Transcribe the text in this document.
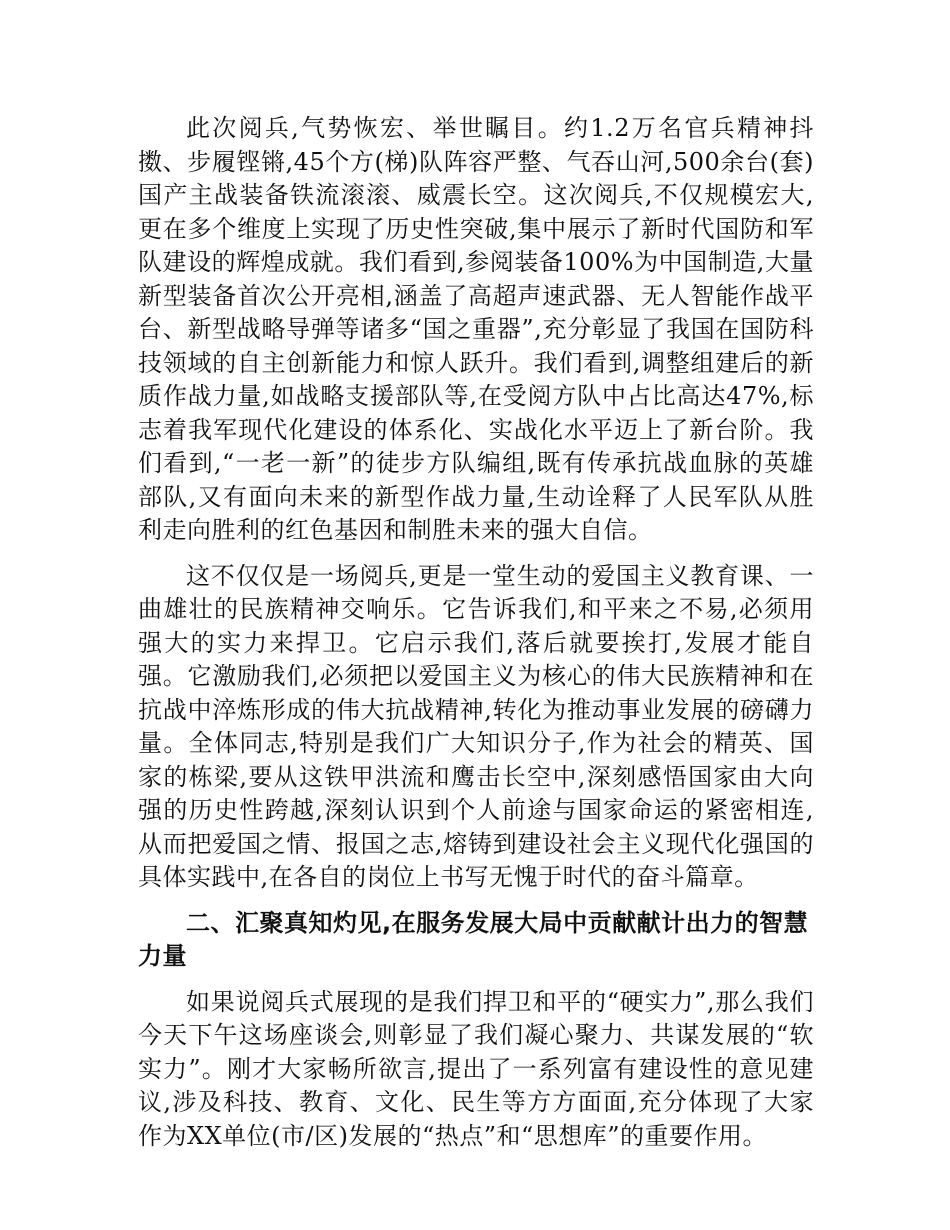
此次阅兵,气势恢宏、举世瞩目。约1.2万名官兵精神抖擞、步履铿锵,45个方(梯)队阵容严整、气吞山河,500余台(套)国产主战装备铁流滚滚、威震长空。这次阅兵,不仅规模宏大,更在多个维度上实现了历史性突破,集中展示了新时代国防和军队建设的辉煌成就。我们看到,参阅装备100%为中国制造,大量新型装备首次公开亮相,涵盖了高超声速武器、无人智能作战平台、新型战略导弹等诸多“国之重器”,充分彰显了我国在国防科技领域的自主创新能力和惊人跃升。我们看到,调整组建后的新质作战力量,如战略支援部队等,在受阅方队中占比高达47%,标志着我军现代化建设的体系化、实战化水平迈上了新台阶。我们看到,“一老一新”的徒步方队编组,既有传承抗战血脉的英雄部队,又有面向未来的新型作战力量,生动诠释了人民军队从胜利走向胜利的红色基因和制胜未来的强大自信。

这不仅仅是一场阅兵,更是一堂生动的爱国主义教育课、一曲雄壮的民族精神交响乐。它告诉我们,和平来之不易,必须用强大的实力来捍卫。它启示我们,落后就要挨打,发展才能自强。它激励我们,必须把以爱国主义为核心的伟大民族精神和在抗战中淬炼形成的伟大抗战精神,转化为推动事业发展的磅礴力量。全体同志,特别是我们广大知识分子,作为社会的精英、国家的栋梁,要从这铁甲洪流和鹰击长空中,深刻感悟国家由大向强的历史性跨越,深刻认识到个人前途与国家命运的紧密相连,从而把爱国之情、报国之志,熔铸到建设社会主义现代化强国的具体实践中,在各自的岗位上书写无愧于时代的奋斗篇章。

二、汇聚真知灼见,在服务发展大局中贡献献计出力的智慧力量

如果说阅兵式展现的是我们捍卫和平的“硬实力”,那么我们今天下午这场座谈会,则彰显了我们凝心聚力、共谋发展的“软实力”。刚才大家畅所欲言,提出了一系列富有建设性的意见建议,涉及科技、教育、文化、民生等方方面面,充分体现了大家作为XX单位(市/区)发展的“热点”和“思想库”的重要作用。
